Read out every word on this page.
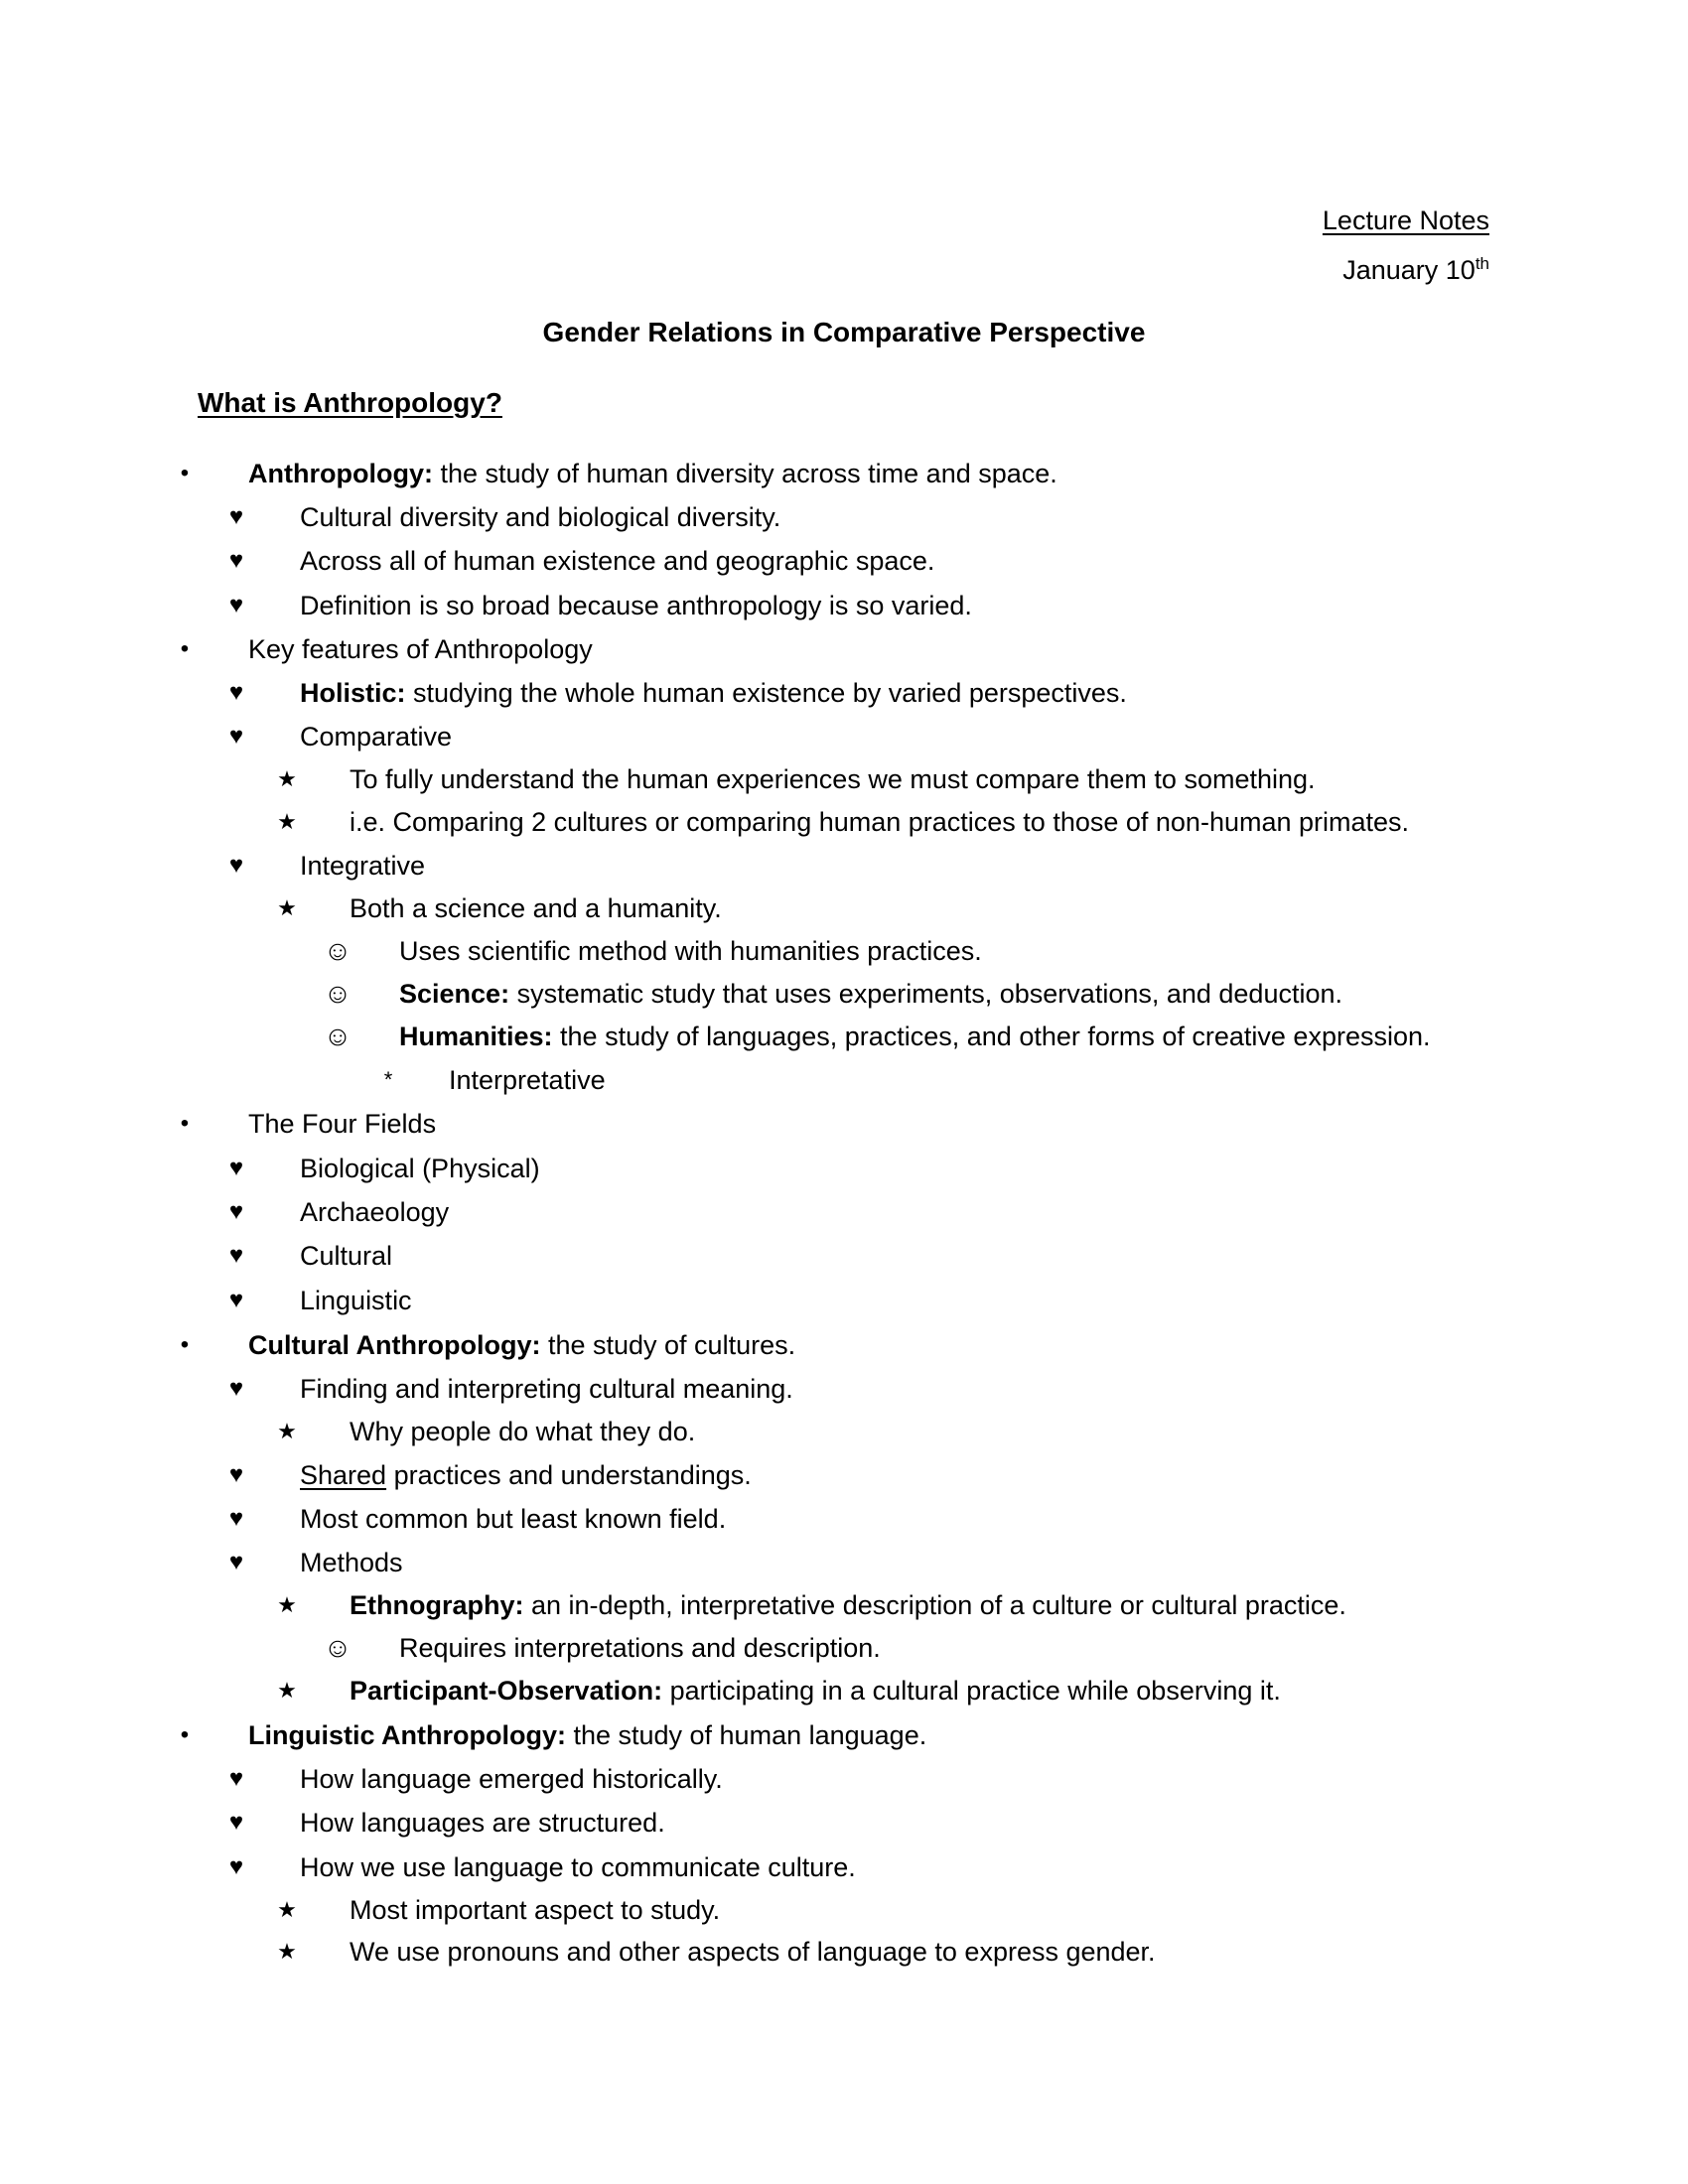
Lecture Notes
January 10th
Gender Relations in Comparative Perspective
What is Anthropology?
•	Anthropology: the study of human diversity across time and space.
♥	Cultural diversity and biological diversity.
♥	Across all of human existence and geographic space.
♥	Definition is so broad because anthropology is so varied.
•	Key features of Anthropology
♥	Holistic: studying the whole human existence by varied perspectives.
♥	Comparative
★	To fully understand the human experiences we must compare them to something.
★	i.e. Comparing 2 cultures or comparing human practices to those of non-human primates.
♥	Integrative
★	Both a science and a humanity.
☺ Uses scientific method with humanities practices.
☺ Science: systematic study that uses experiments, observations, and deduction.
☺ Humanities: the study of languages, practices, and other forms of creative expression.
*	Interpretative
•	The Four Fields
♥	Biological (Physical)
♥	Archaeology
♥	Cultural
♥	Linguistic
•	Cultural Anthropology: the study of cultures.
♥	Finding and interpreting cultural meaning.
★	Why people do what they do.
♥	Shared practices and understandings.
♥	Most common but least known field.
♥	Methods
★	Ethnography: an in-depth, interpretative description of a culture or cultural practice.
☺ Requires interpretations and description.
★	Participant-Observation: participating in a cultural practice while observing it.
•	Linguistic Anthropology: the study of human language.
♥	How language emerged historically.
♥	How languages are structured.
♥	How we use language to communicate culture.
★	Most important aspect to study.
★	We use pronouns and other aspects of language to express gender.
